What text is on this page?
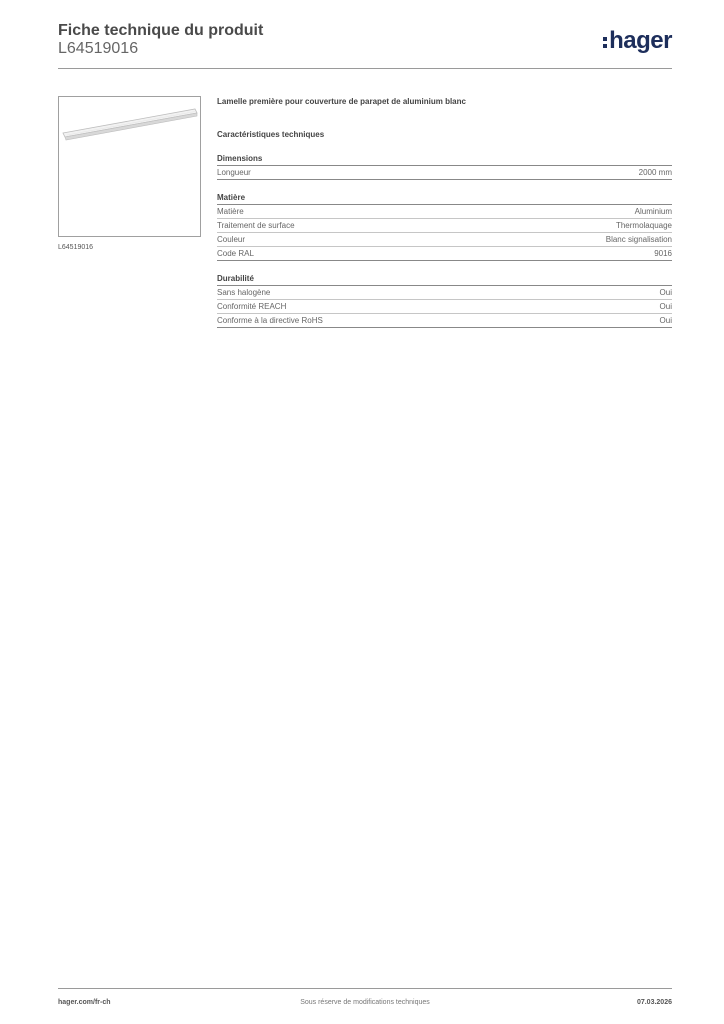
Fiche technique du produit
L64519016	hager
L64519016
Lamelle première pour couverture de parapet de aluminium blanc
Caractéristiques techniques
Dimensions
Longueur	2000 mm
Matière
Matière	Aluminium
Traitement de surface	Thermolaquage
Couleur	Blanc signalisation
Code RAL	9016
Durabilité
Sans halogène	Oui
Conformité REACH	Oui
Conforme à la directive RoHS	Oui
hager.com/fr-ch	Sous réserve de modifications techniques	07.03.2026
